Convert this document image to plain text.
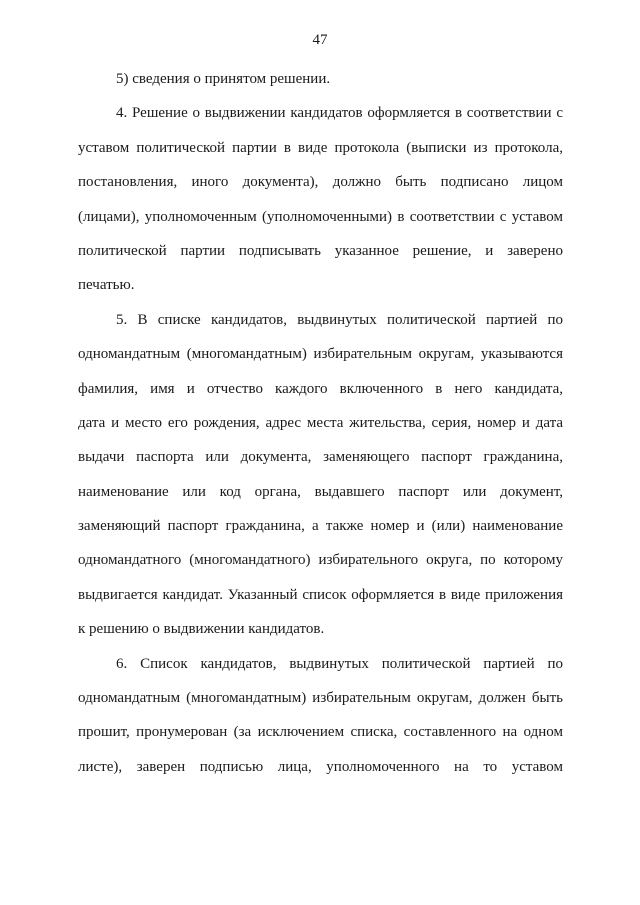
47
5) сведения о принятом решении.
4. Решение о выдвижении кандидатов оформляется в соответствии с
уставом политической партии в виде протокола (выписки из протокола,
постановления, иного документа), должно быть подписано лицом
(лицами), уполномоченным (уполномоченными) в соответствии с уставом
политической партии подписывать указанное решение, и заверено
печатью.
5. В списке кандидатов, выдвинутых политической партией по
одномандатным (многомандатным) избирательным округам, указываются
фамилия, имя и отчество каждого включенного в него кандидата,
дата и место его рождения, адрес места жительства, серия, номер и дата
выдачи паспорта или документа, заменяющего паспорт гражданина,
наименование или код органа, выдавшего паспорт или документ,
заменяющий паспорт гражданина, а также номер и (или) наименование
одномандатного (многомандатного) избирательного округа, по которому
выдвигается кандидат. Указанный список оформляется в виде приложения
к решению о выдвижении кандидатов.
6. Список кандидатов, выдвинутых политической партией по
одномандатным (многомандатным) избирательным округам, должен быть
прошит, пронумерован (за исключением списка, составленного на одном
листе), заверен подписью лица, уполномоченного на то уставом
